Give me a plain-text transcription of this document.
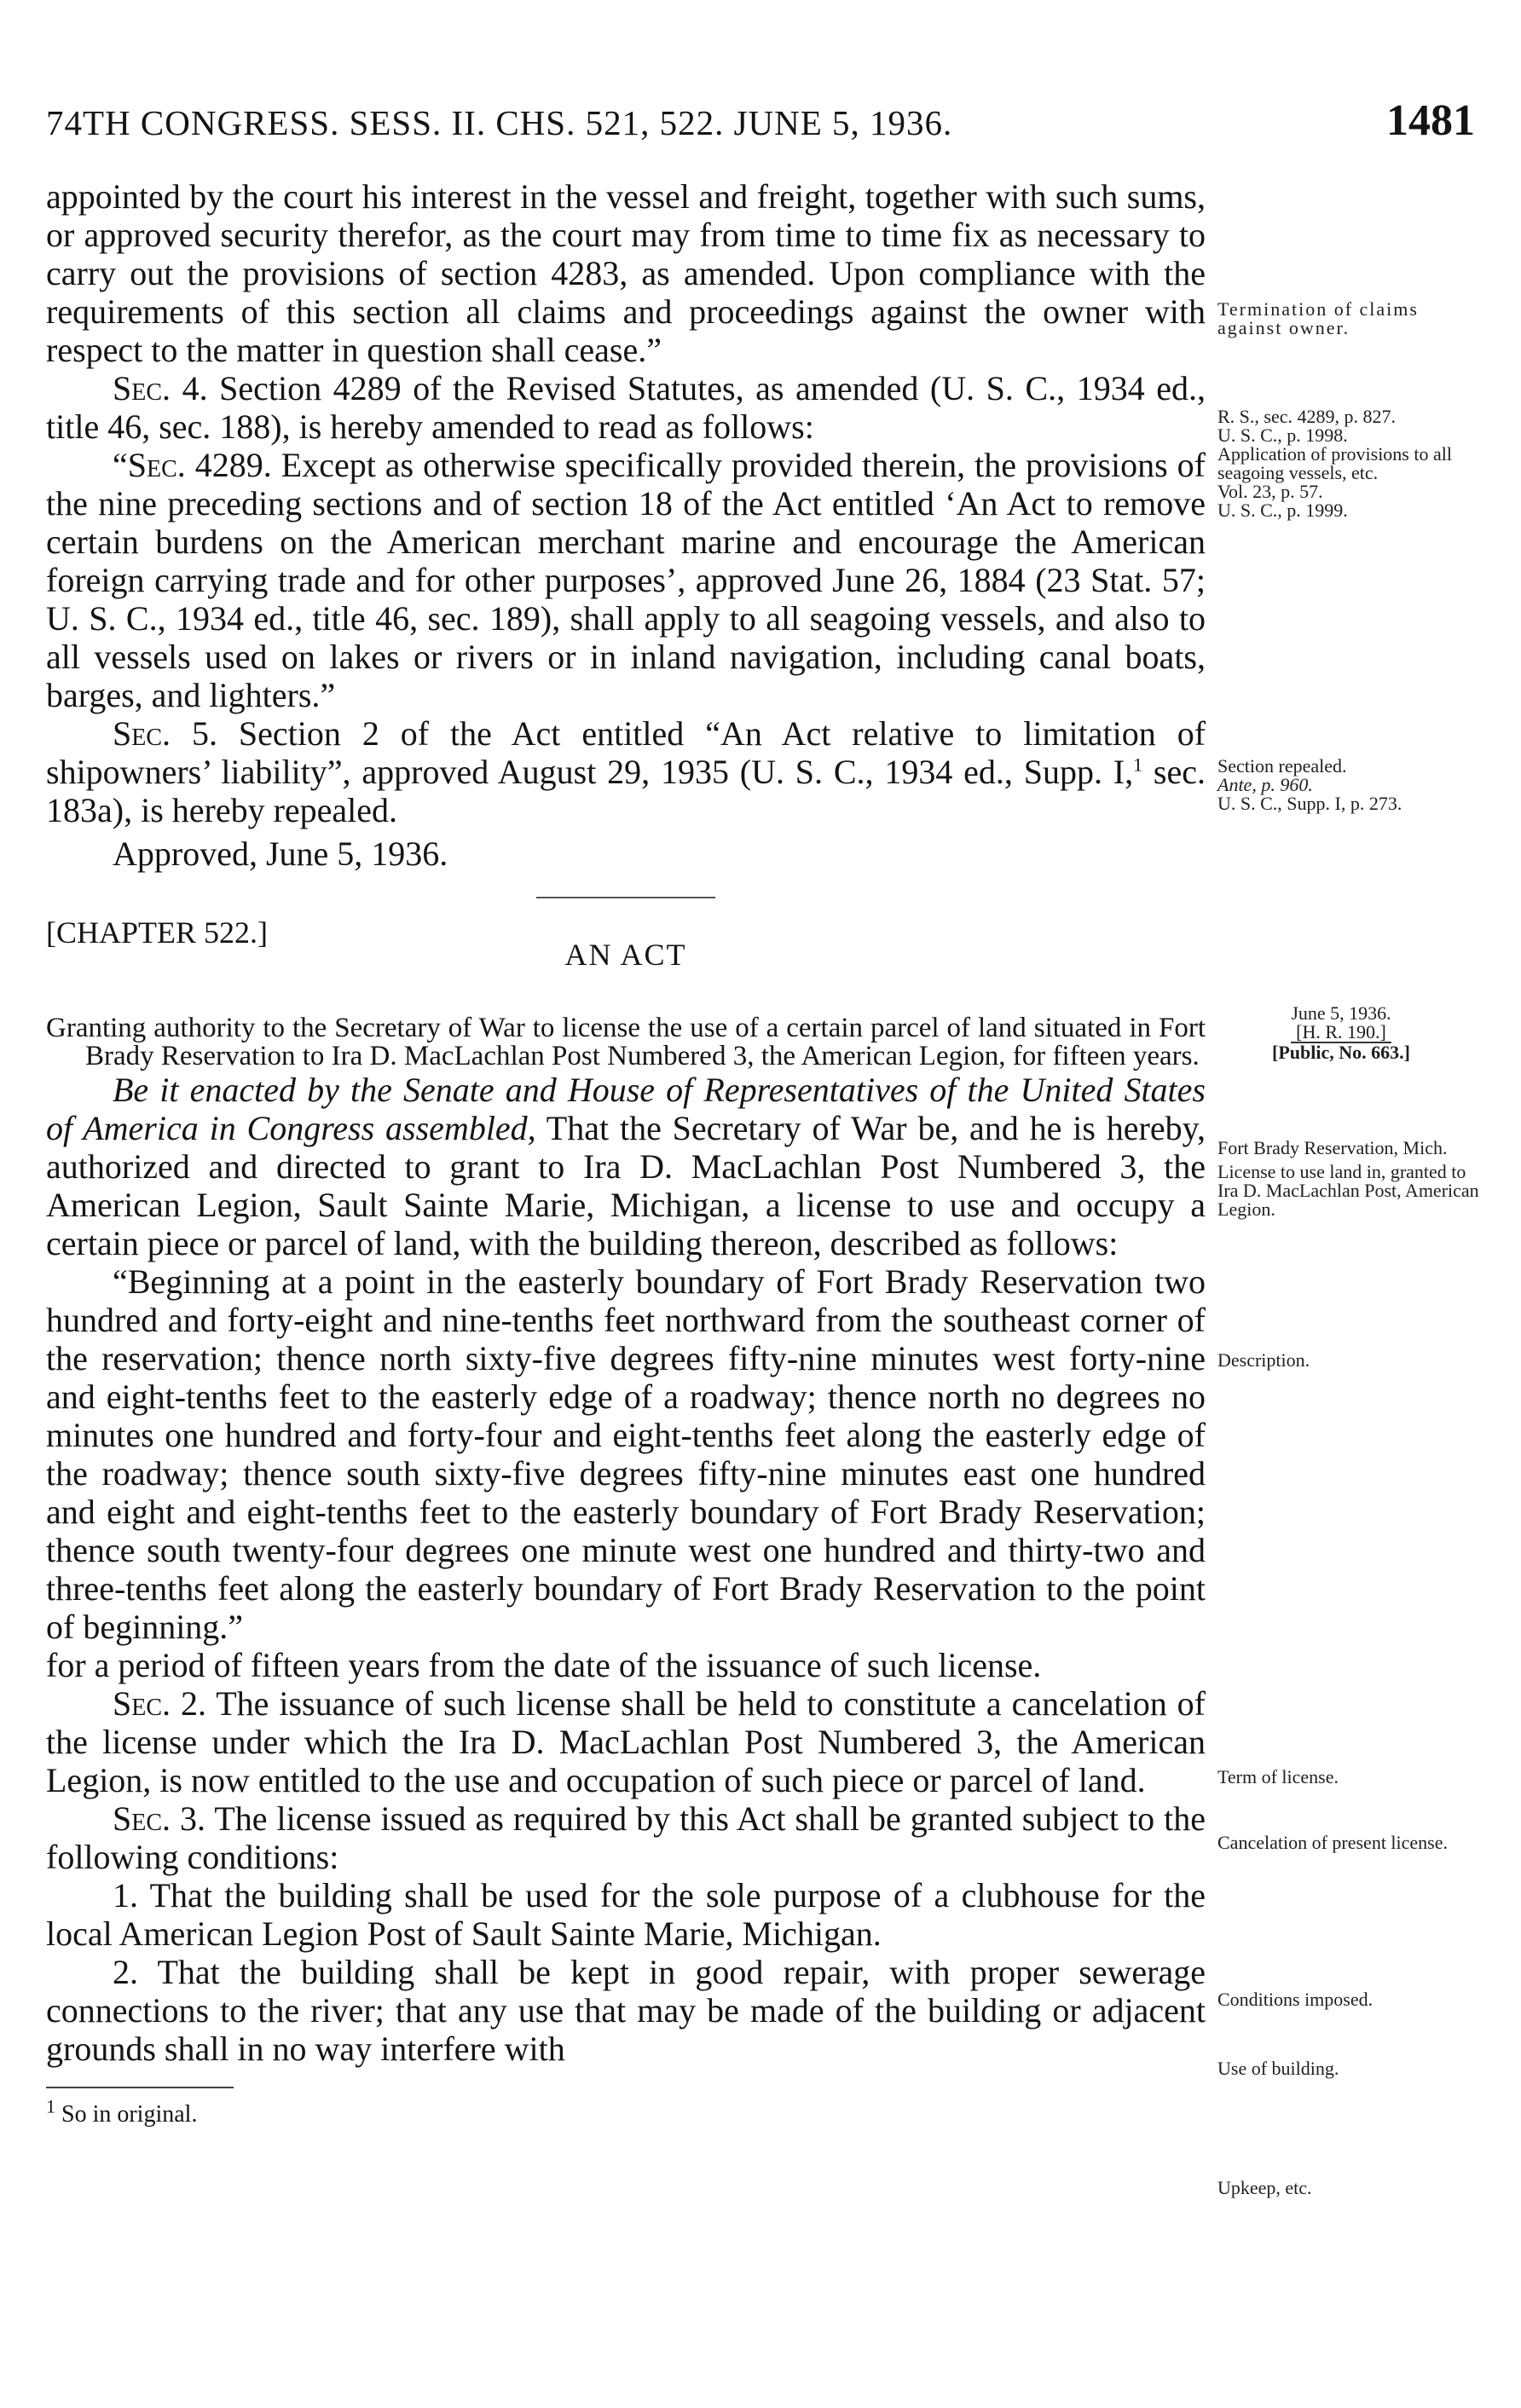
74TH CONGRESS. SESS. II. CHS. 521, 522. JUNE 5, 1936.	1481

appointed by the court his interest in the vessel and freight, together with such sums, or approved security therefor, as the court may from time to time fix as necessary to carry out the provisions of section 4283, as amended. Upon compliance with the requirements of this section all claims and proceedings against the owner with respect to the matter in question shall cease.”

Sec. 4. Section 4289 of the Revised Statutes, as amended (U. S. C., 1934 ed., title 46, sec. 188), is hereby amended to read as follows:

“Sec. 4289. Except as otherwise specifically provided therein, the provisions of the nine preceding sections and of section 18 of the Act entitled ‘An Act to remove certain burdens on the American merchant marine and encourage the American foreign carrying trade and for other purposes’, approved June 26, 1884 (23 Stat. 57; U. S. C., 1934 ed., title 46, sec. 189), shall apply to all seagoing vessels, and also to all vessels used on lakes or rivers or in inland navigation, including canal boats, barges, and lighters.”

Sec. 5. Section 2 of the Act entitled “An Act relative to limitation of shipowners’ liability”, approved August 29, 1935 (U. S. C., 1934 ed., Supp. I,$^1$ sec. 183a), is hereby repealed.

Approved, June 5, 1936.

[CHAPTER 522.]
AN ACT

Granting authority to the Secretary of War to license the use of a certain parcel of land situated in Fort Brady Reservation to Ira D. MacLachlan Post Numbered 3, the American Legion, for fifteen years.

Be it enacted by the Senate and House of Representatives of the United States of America in Congress assembled, That the Secretary of War be, and he is hereby, authorized and directed to grant to Ira D. MacLachlan Post Numbered 3, the American Legion, Sault Sainte Marie, Michigan, a license to use and occupy a certain piece or parcel of land, with the building thereon, described as follows:

“Beginning at a point in the easterly boundary of Fort Brady Reservation two hundred and forty-eight and nine-tenths feet northward from the southeast corner of the reservation; thence north sixty-five degrees fifty-nine minutes west forty-nine and eight-tenths feet to the easterly edge of a roadway; thence north no degrees no minutes one hundred and forty-four and eight-tenths feet along the easterly edge of the roadway; thence south sixty-five degrees fifty-nine minutes east one hundred and eight and eight-tenths feet to the easterly boundary of Fort Brady Reservation; thence south twenty-four degrees one minute west one hundred and thirty-two and three-tenths feet along the easterly boundary of Fort Brady Reservation to the point of beginning.”

for a period of fifteen years from the date of the issuance of such license.

Sec. 2. The issuance of such license shall be held to constitute a cancelation of the license under which the Ira D. MacLachlan Post Numbered 3, the American Legion, is now entitled to the use and occupation of such piece or parcel of land.

Sec. 3. The license issued as required by this Act shall be granted subject to the following conditions:

1. That the building shall be used for the sole purpose of a clubhouse for the local American Legion Post of Sault Sainte Marie, Michigan.

2. That the building shall be kept in good repair, with proper sewerage connections to the river; that any use that may be made of the building or adjacent grounds shall in no way interfere with

$^1$ So in original.

Termination of claims against owner.
R. S., sec. 4289, p. 827.
U. S. C., p. 1998.
Application of provisions to all seagoing vessels, etc.
Vol. 23, p. 57.
U. S. C., p. 1999.
Section repealed.
Ante, p. 960.
U. S. C., Supp. I, p. 273.
June 5, 1936.
[H. R. 190.]
[Public, No. 663.]
Fort Brady Reservation, Mich.
License to use land in, granted to Ira D. MacLachlan Post, American Legion.
Description.
Term of license.
Cancelation of present license.
Conditions imposed.
Use of building.
Upkeep, etc.
